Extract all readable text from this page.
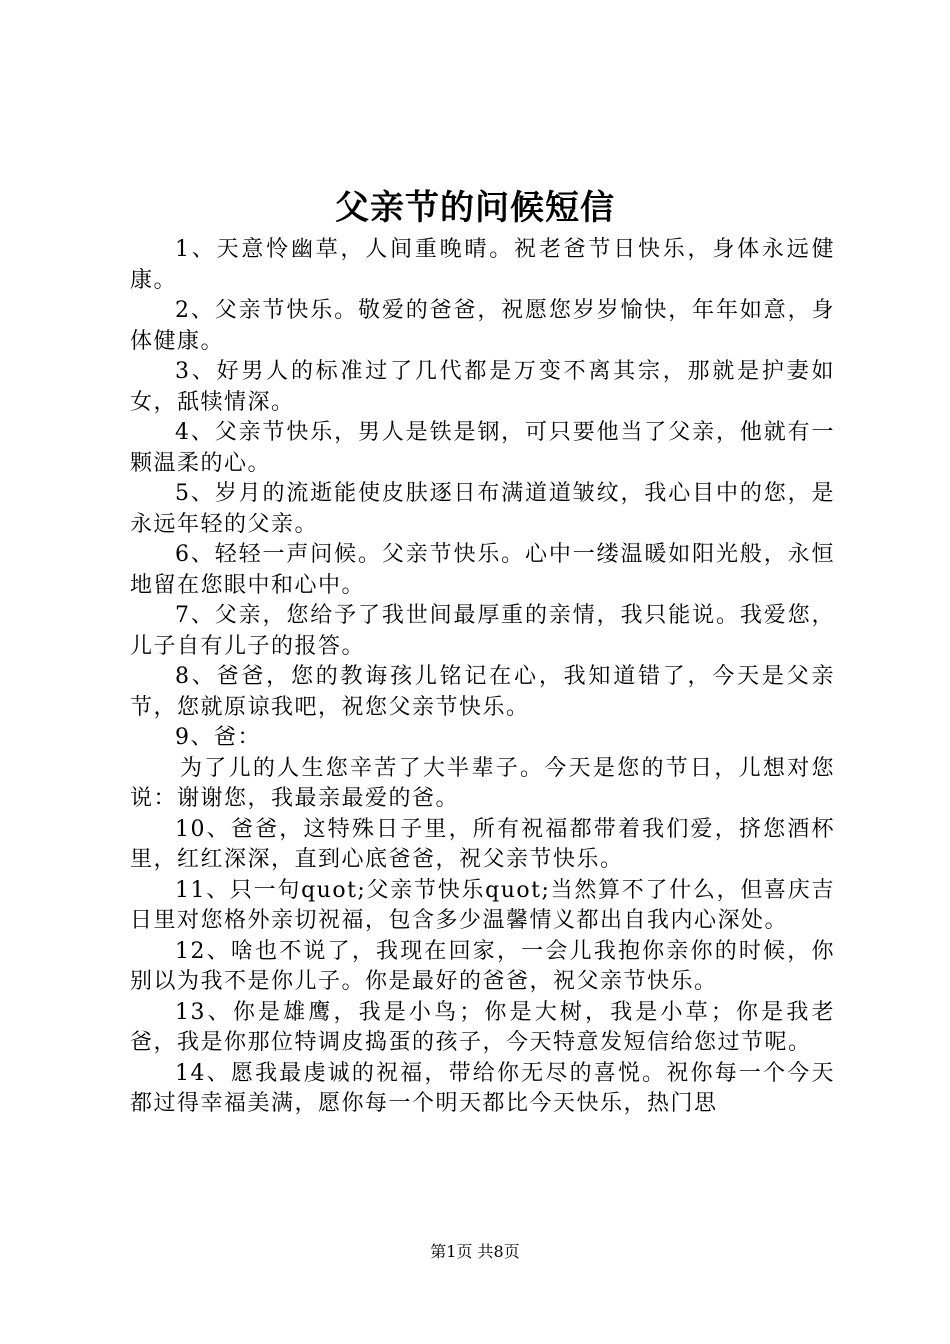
父亲节的问候短信

1、天意怜幽草，人间重晚晴。祝老爸节日快乐，身体永远健康。

2、父亲节快乐。敬爱的爸爸，祝愿您岁岁愉快，年年如意，身体健康。

3、好男人的标准过了几代都是万变不离其宗，那就是护妻如女，舐犊情深。

4、父亲节快乐，男人是铁是钢，可只要他当了父亲，他就有一颗温柔的心。

5、岁月的流逝能使皮肤逐日布满道道皱纹，我心目中的您，是永远年轻的父亲。

6、轻轻一声问候。父亲节快乐。心中一缕温暖如阳光般，永恒地留在您眼中和心中。

7、父亲，您给予了我世间最厚重的亲情，我只能说。我爱您，儿子自有儿子的报答。

8、爸爸，您的教诲孩儿铭记在心，我知道错了，今天是父亲节，您就原谅我吧，祝您父亲节快乐。

9、爸：

为了儿的人生您辛苦了大半辈子。今天是您的节日，儿想对您说：谢谢您，我最亲最爱的爸。

10、爸爸，这特殊日子里，所有祝福都带着我们爱，挤您酒杯里，红红深深，直到心底爸爸，祝父亲节快乐。

11、只一句quot;父亲节快乐quot;当然算不了什么，但喜庆吉日里对您格外亲切祝福，包含多少温馨情义都出自我内心深处。

12、啥也不说了，我现在回家，一会儿我抱你亲你的时候，你别以为我不是你儿子。你是最好的爸爸，祝父亲节快乐。

13、你是雄鹰，我是小鸟；你是大树，我是小草；你是我老爸，我是你那位特调皮捣蛋的孩子，今天特意发短信给您过节呢。

14、愿我最虔诚的祝福，带给你无尽的喜悦。祝你每一个今天都过得幸福美满，愿你每一个明天都比今天快乐，热门思

第1页 共8页
